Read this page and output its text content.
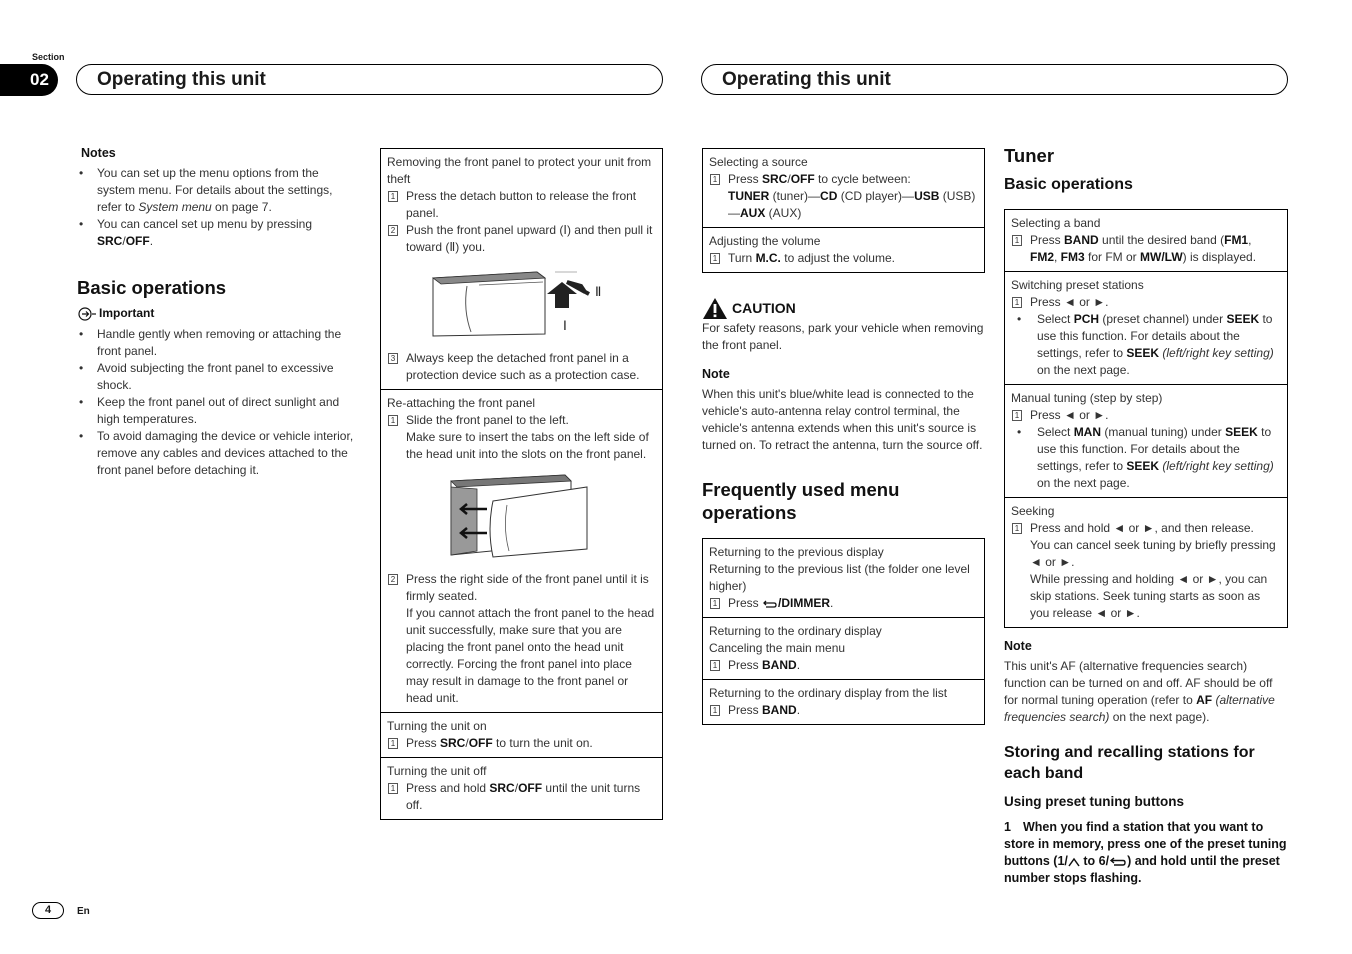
Section
02	Operating this unit	Operating this unit
Notes
• You can set up the menu options from the system menu. For details about the settings, refer to System menu on page 7.
• You can cancel set up menu by pressing SRC/OFF.
Basic operations
Important
• Handle gently when removing or attaching the front panel.
• Avoid subjecting the front panel to excessive shock.
• Keep the front panel out of direct sunlight and high temperatures.
• To avoid damaging the device or vehicle interior, remove any cables and devices attached to the front panel before detaching it.
Removing the front panel to protect your unit from theft
1 Press the detach button to release the front panel.
2 Push the front panel upward (Ⅰ) and then pull it toward (Ⅱ) you.
Ⅱ
Ⅰ
3 Always keep the detached front panel in a protection device such as a protection case.
Re-attaching the front panel
1 Slide the front panel to the left.
Make sure to insert the tabs on the left side of the head unit into the slots on the front panel.
2 Press the right side of the front panel until it is firmly seated.
If you cannot attach the front panel to the head unit successfully, make sure that you are placing the front panel onto the head unit correctly. Forcing the front panel into place may result in damage to the front panel or head unit.
Turning the unit on
1 Press SRC/OFF to turn the unit on.
Turning the unit off
1 Press and hold SRC/OFF until the unit turns off.
Selecting a source
1 Press SRC/OFF to cycle between:
TUNER (tuner)—CD (CD player)—USB (USB)
—AUX (AUX)
Adjusting the volume
1 Turn M.C. to adjust the volume.
CAUTION

For safety reasons, park your vehicle when removing the front panel.

Note

When this unit's blue/white lead is connected to the vehicle's auto-antenna relay control terminal, the vehicle's antenna extends when this unit's source is turned on. To retract the antenna, turn the source off.

Frequently used menu operations
Returning to the previous display
Returning to the previous list (the folder one level higher)
1 Press /DIMMER.
Returning to the ordinary display
Canceling the main menu
1 Press BAND.
Returning to the ordinary display from the list
1 Press BAND.
Tuner
Basic operations
Selecting a band
1 Press BAND until the desired band (FM1, FM2, FM3 for FM or MW/LW) is displayed.
Switching preset stations
1 Press ◄ or ►.
• Select PCH (preset channel) under SEEK to use this function. For details about the settings, refer to SEEK (left/right key setting) on the next page.
Manual tuning (step by step)
1 Press ◄ or ►.
• Select MAN (manual tuning) under SEEK to use this function. For details about the settings, refer to SEEK (left/right key setting) on the next page.
Seeking
1 Press and hold ◄ or ►, and then release.
You can cancel seek tuning by briefly pressing ◄ or ►.
While pressing and holding ◄ or ►, you can skip stations. Seek tuning starts as soon as you release ◄ or ►.
Note

This unit's AF (alternative frequencies search) function can be turned on and off. AF should be off for normal tuning operation (refer to AF (alternative frequencies search) on the next page).

Storing and recalling stations for each band
Using preset tuning buttons

1 When you find a station that you want to store in memory, press one of the preset tuning buttons (1/ to 6/ ) and hold until the preset number stops flashing.

4	En
